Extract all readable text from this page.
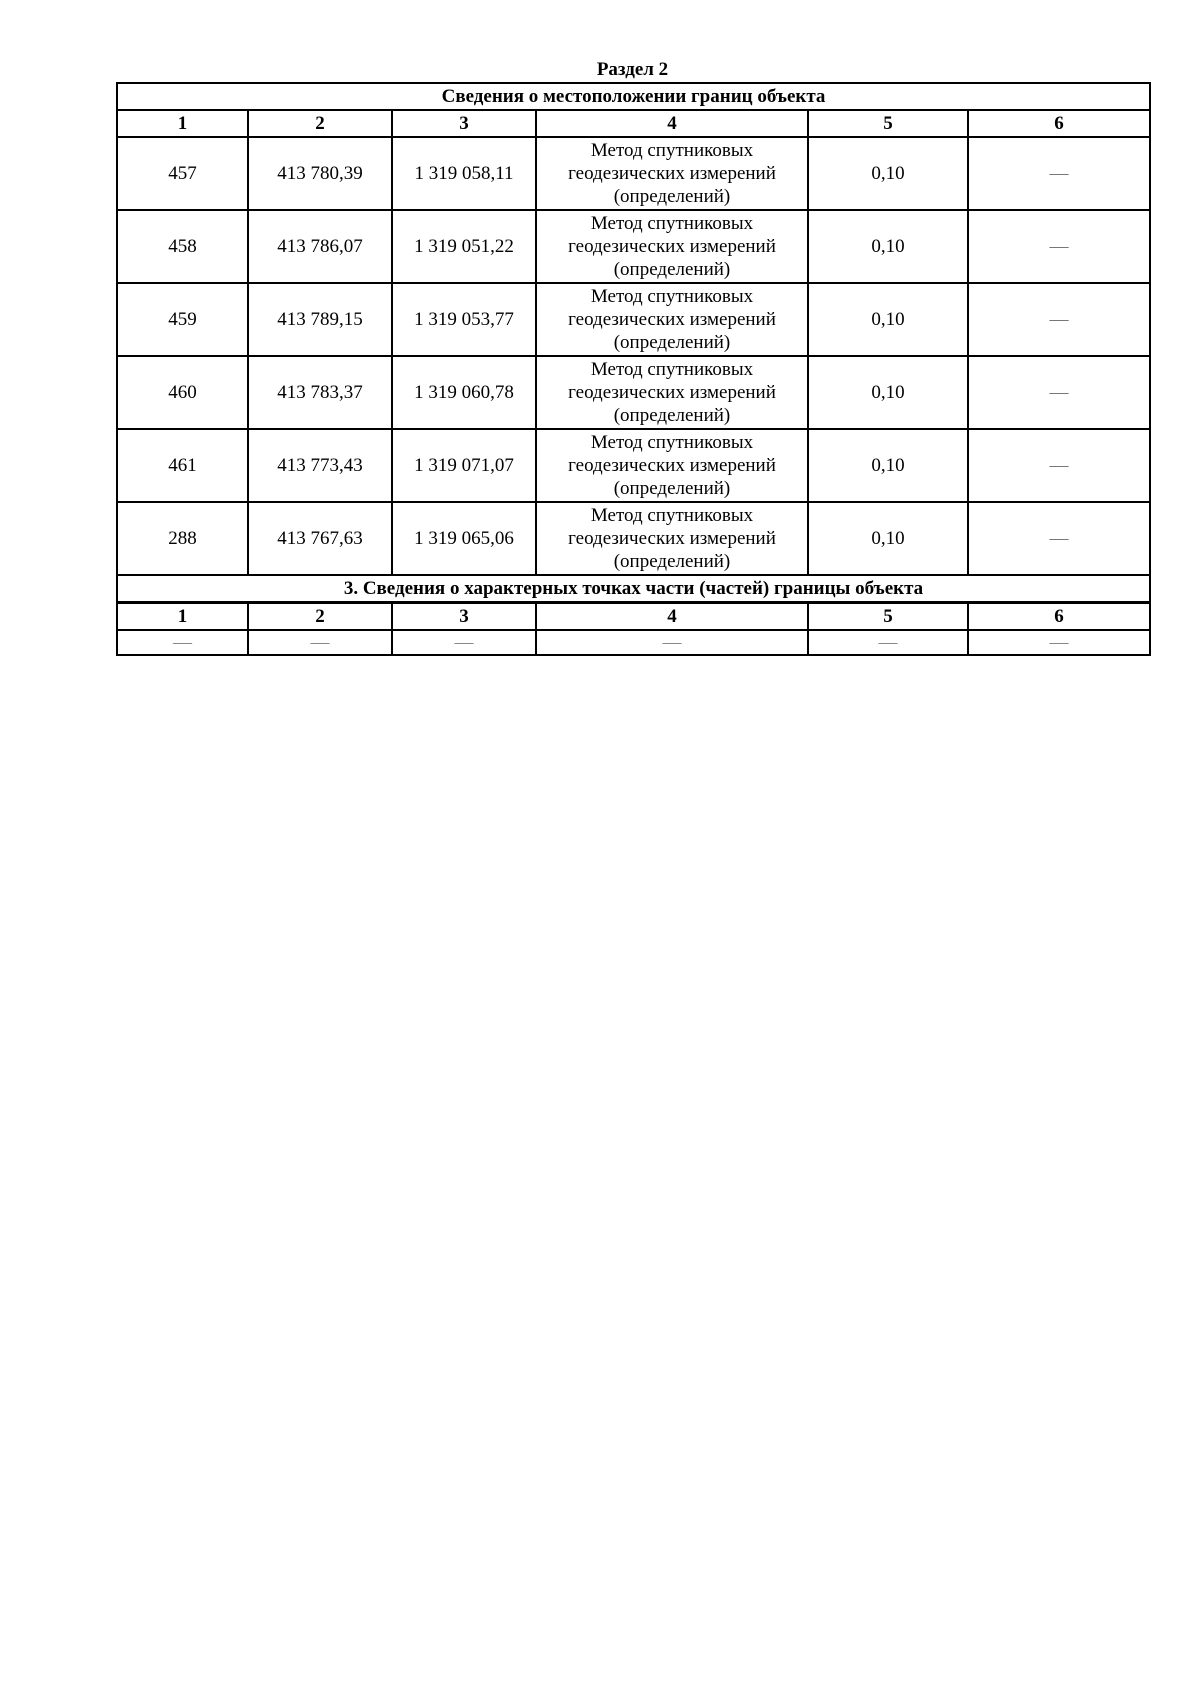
Раздел 2
Сведения о местоположении границ объекта					
1	2	3	4	5	6
457	413 780,39	1 319 058,11	Метод спутниковых
геодезических измерений
(определений)	0,10	—
458	413 786,07	1 319 051,22	Метод спутниковых
геодезических измерений
(определений)	0,10	—
459	413 789,15	1 319 053,77	Метод спутниковых
геодезических измерений
(определений)	0,10	—
460	413 783,37	1 319 060,78	Метод спутниковых
геодезических измерений
(определений)	0,10	—
461	413 773,43	1 319 071,07	Метод спутниковых
геодезических измерений
(определений)	0,10	—
288	413 767,63	1 319 065,06	Метод спутниковых
геодезических измерений
(определений)	0,10	—
3. Сведения о характерных точках части (частей) границы объекта					
1	2	3	4	5	6
—	—	—	—	—	—
